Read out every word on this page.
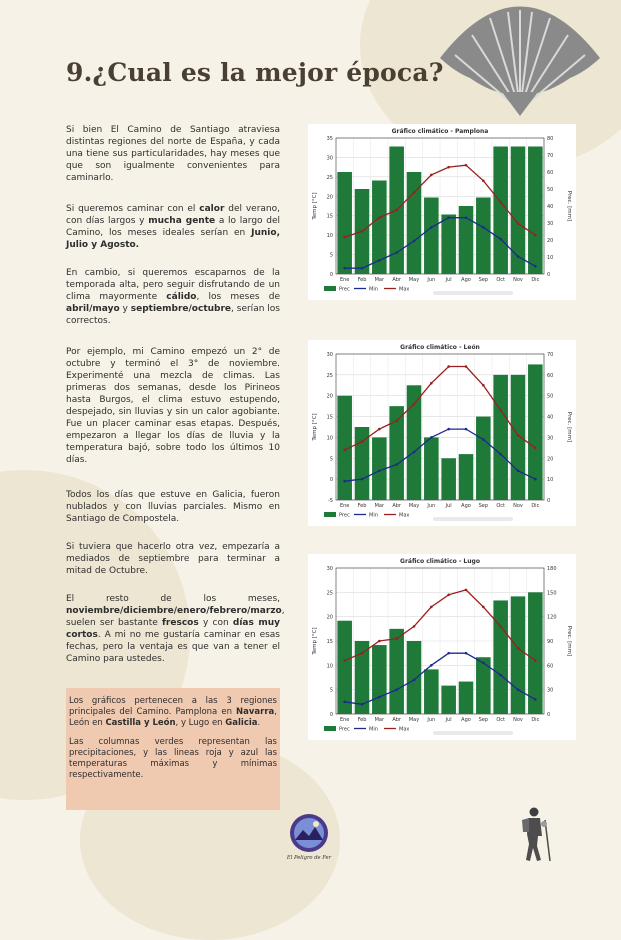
9.¿Cual es la mejor época?

Si bien El Camino de Santiago atraviesa distintas regiones del norte de España, y cada una tiene sus particularidades, hay meses que que son igualmente convenientes para caminarlo.

Si queremos caminar con el calor del verano, con días largos y mucha gente a lo largo del Camino, los meses ideales serían en Junio, Julio y Agosto.

En cambio, si queremos escaparnos de la temporada alta, pero seguir disfrutando de un clima mayormente cálido, los meses de abril/mayo y septiembre/octubre, serían los correctos.

Por ejemplo, mi Camino empezó un 2° de octubre y terminó el 3° de noviembre. Experimenté una mezcla de climas. Las primeras dos semanas, desde los Pirineos hasta Burgos, el clima estuvo estupendo, despejado, sin lluvias y sin un calor agobiante. Fue un placer caminar esas etapas. Después, empezaron a llegar los días de lluvia y la temperatura bajó, sobre todo los últimos 10 días.

Todos los días que estuve en Galicia, fueron nublados y con lluvias parciales. Mismo en Santiago de Compostela.

Si tuviera que hacerlo otra vez, empezaría a mediados de septiembre para terminar a mitad de Octubre.

El resto de los meses, noviembre/diciembre/enero/febrero/marzo, suelen ser bastante frescos y con días muy cortos. A mi no me gustaría caminar en esas fechas, pero la ventaja es que van a tener el Camino para ustedes.

Los gráficos pertenecen a las 3 regiones principales del Camino. Pamplona en Navarra, León en Castilla y León, y Lugo en Galicia.

Las columnas verdes representan las precipitaciones, y las lineas roja y azul las temperaturas máximas y mínimas respectivamente.

Gráfico climático - Pamplona
0
5
10
15
20
25
30
35
0
10
20
30
40
50
60
70
80
Temp [°C]	Prec. [mm]
Ene Feb Mar Abr May Jun Jul Ago Sep Oct Nov Dic
Prec	Min	Max
Gráfico climático - León
-5
0
5
10
15
20
25
30
0
10
20
30
40
50
60
70
Temp [°C]	Prec. [mm]
Ene Feb Mar Abr May Jun Jul Ago Sep Oct Nov Dic
Prec	Min	Max
Gráfico climático - Lugo
0
5
10
15
20
25
30
0
30
60
90
120
150
180
Temp [°C]	Prec. [mm]
Ene Feb Mar Abr May Jun Jul Ago Sep Oct Nov Dic
Prec	Min	Max
El Peligro de Fer
